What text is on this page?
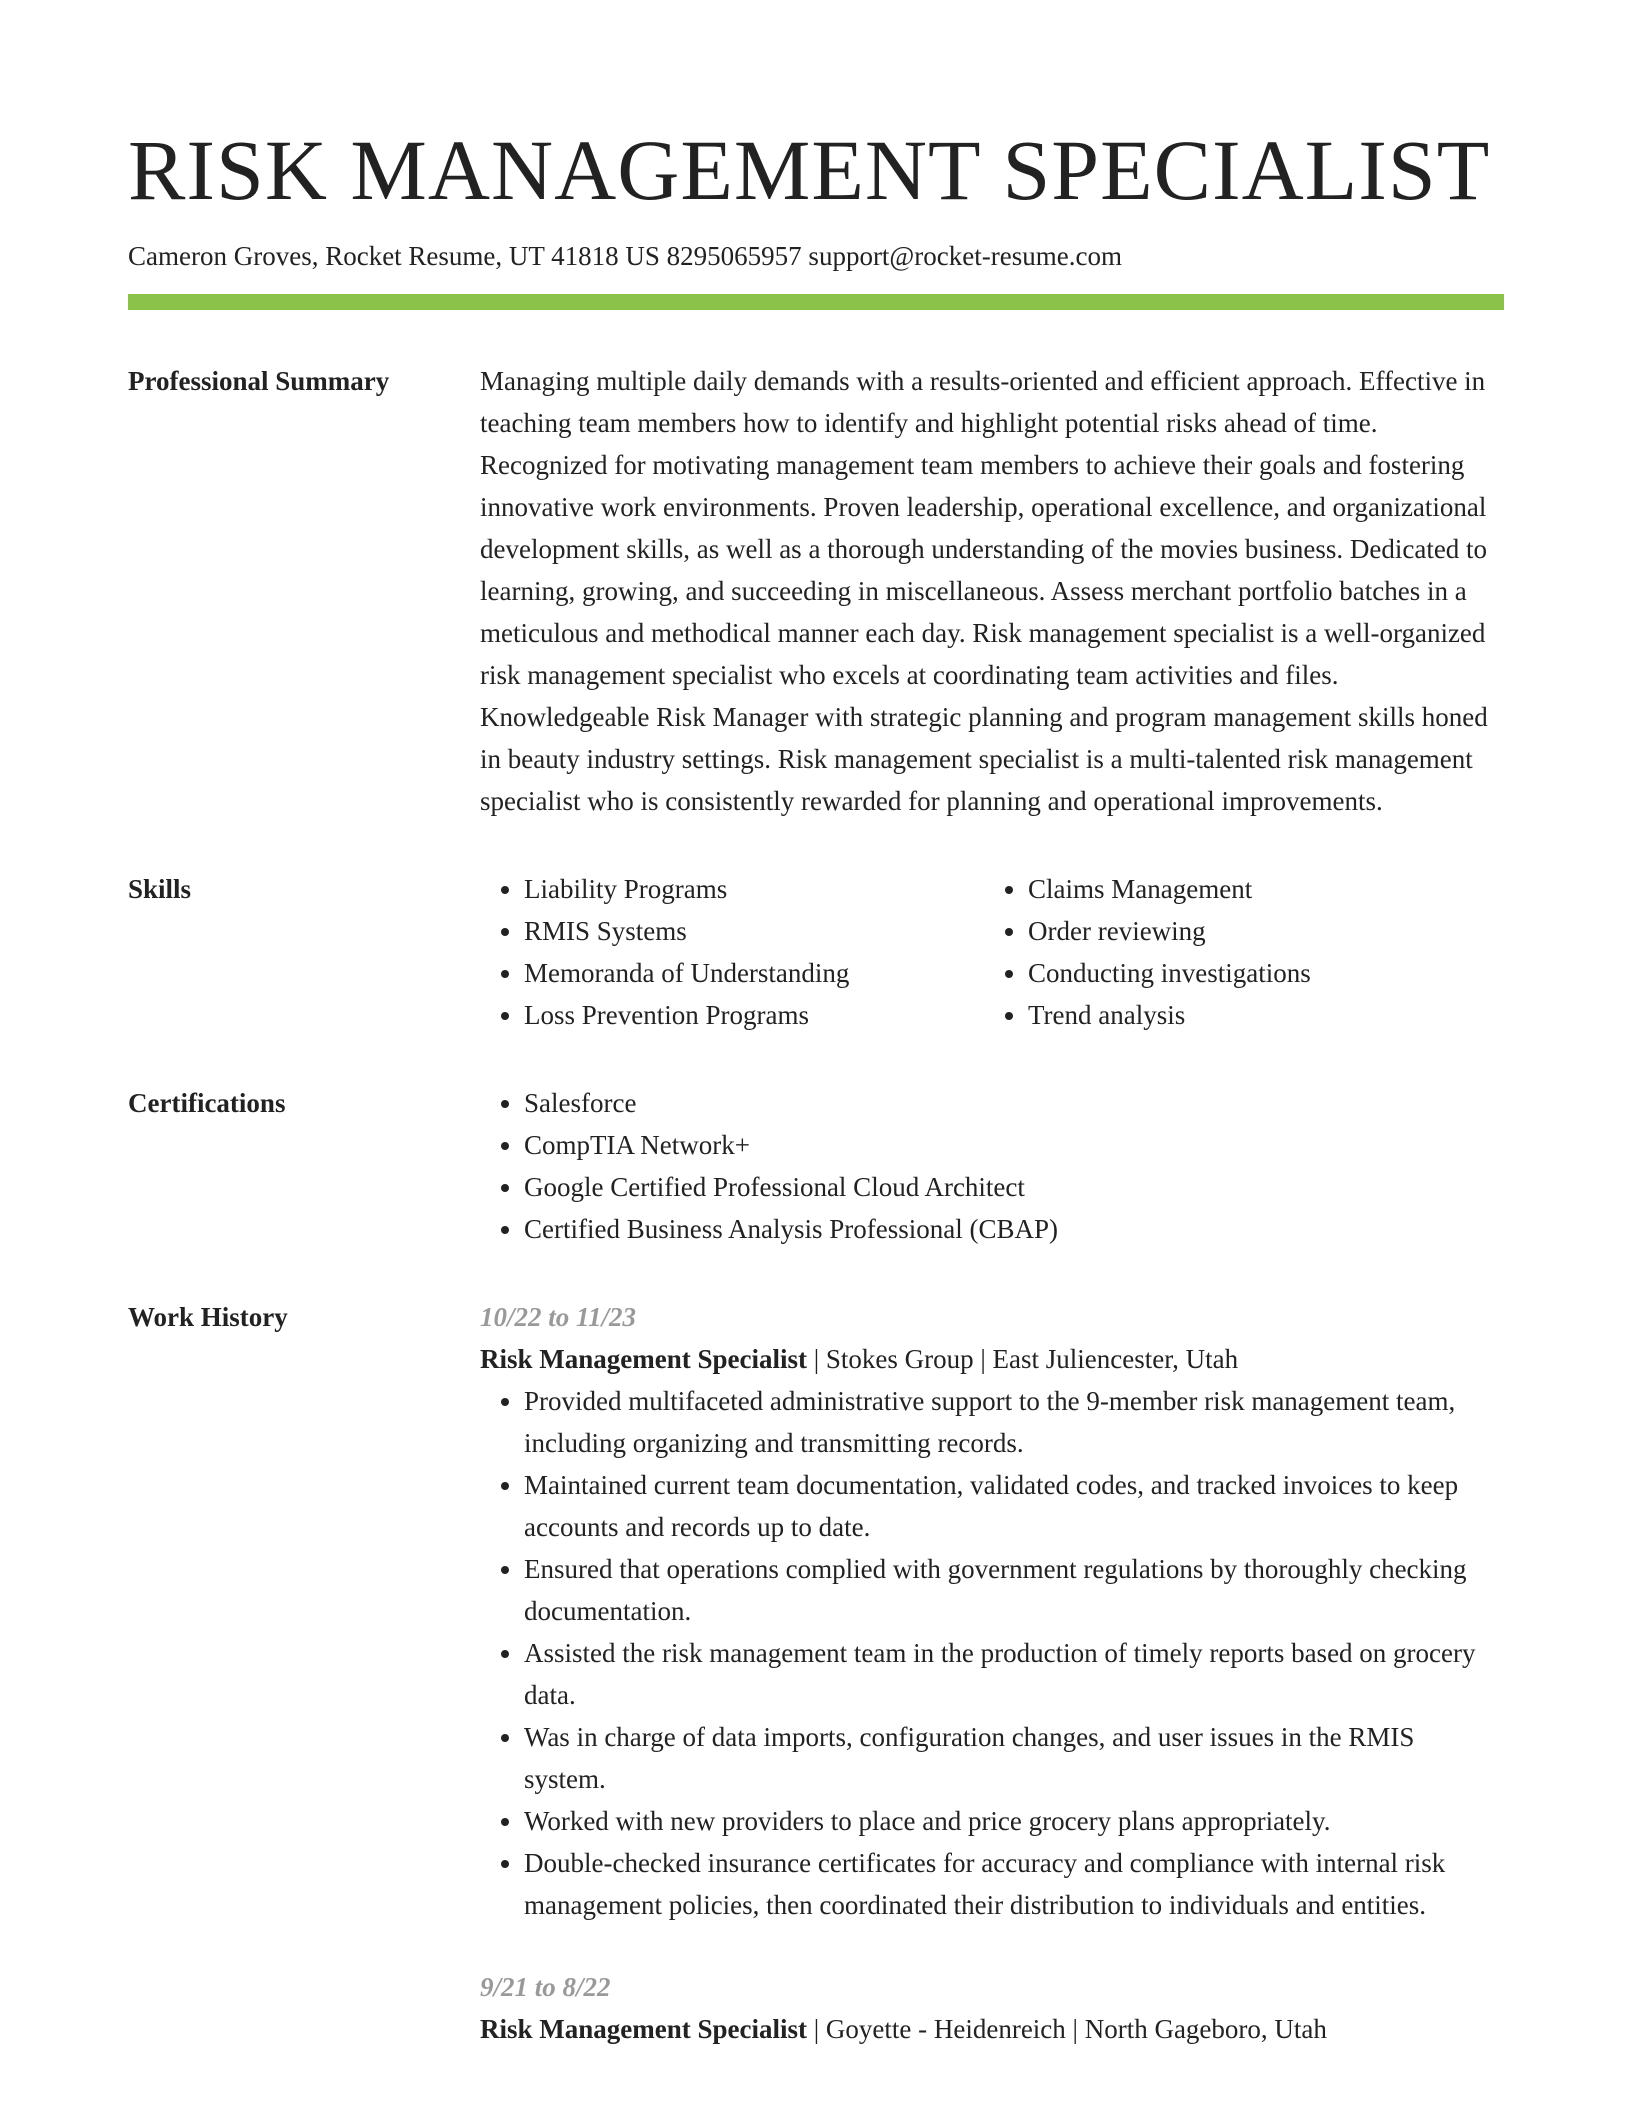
RISK MANAGEMENT SPECIALIST
Cameron Groves, Rocket Resume, UT 41818 US 8295065957 support@rocket-resume.com
Professional Summary	Managing multiple daily demands with a results-oriented and efficient approach. Effective in teaching team members how to identify and highlight potential risks ahead of time. Recognized for motivating management team members to achieve their goals and fostering innovative work environments. Proven leadership, operational excellence, and organizational development skills, as well as a thorough understanding of the movies business. Dedicated to learning, growing, and succeeding in miscellaneous. Assess merchant portfolio batches in a meticulous and methodical manner each day. Risk management specialist is a well-organized risk management specialist who excels at coordinating team activities and files. Knowledgeable Risk Manager with strategic planning and program management skills honed in beauty industry settings. Risk management specialist is a multi-talented risk management specialist who is consistently rewarded for planning and operational improvements.

Skills	• Liability Programs
• RMIS Systems
• Memoranda of Understanding
• Loss Prevention Programs
• Claims Management
• Order reviewing
• Conducting investigations
• Trend analysis
Certifications	• Salesforce
• CompTIA Network+
• Google Certified Professional Cloud Architect
• Certified Business Analysis Professional (CBAP)
Work History	10/22 to 11/23
Risk Management Specialist | Stokes Group | East Juliencester, Utah
• Provided multifaceted administrative support to the 9-member risk management team, including organizing and transmitting records.
• Maintained current team documentation, validated codes, and tracked invoices to keep accounts and records up to date.
• Ensured that operations complied with government regulations by thoroughly checking documentation.
• Assisted the risk management team in the production of timely reports based on grocery data.
• Was in charge of data imports, configuration changes, and user issues in the RMIS system.
• Worked with new providers to place and price grocery plans appropriately.
• Double-checked insurance certificates for accuracy and compliance with internal risk management policies, then coordinated their distribution to individuals and entities.
9/21 to 8/22
Risk Management Specialist | Goyette - Heidenreich | North Gageboro, Utah
